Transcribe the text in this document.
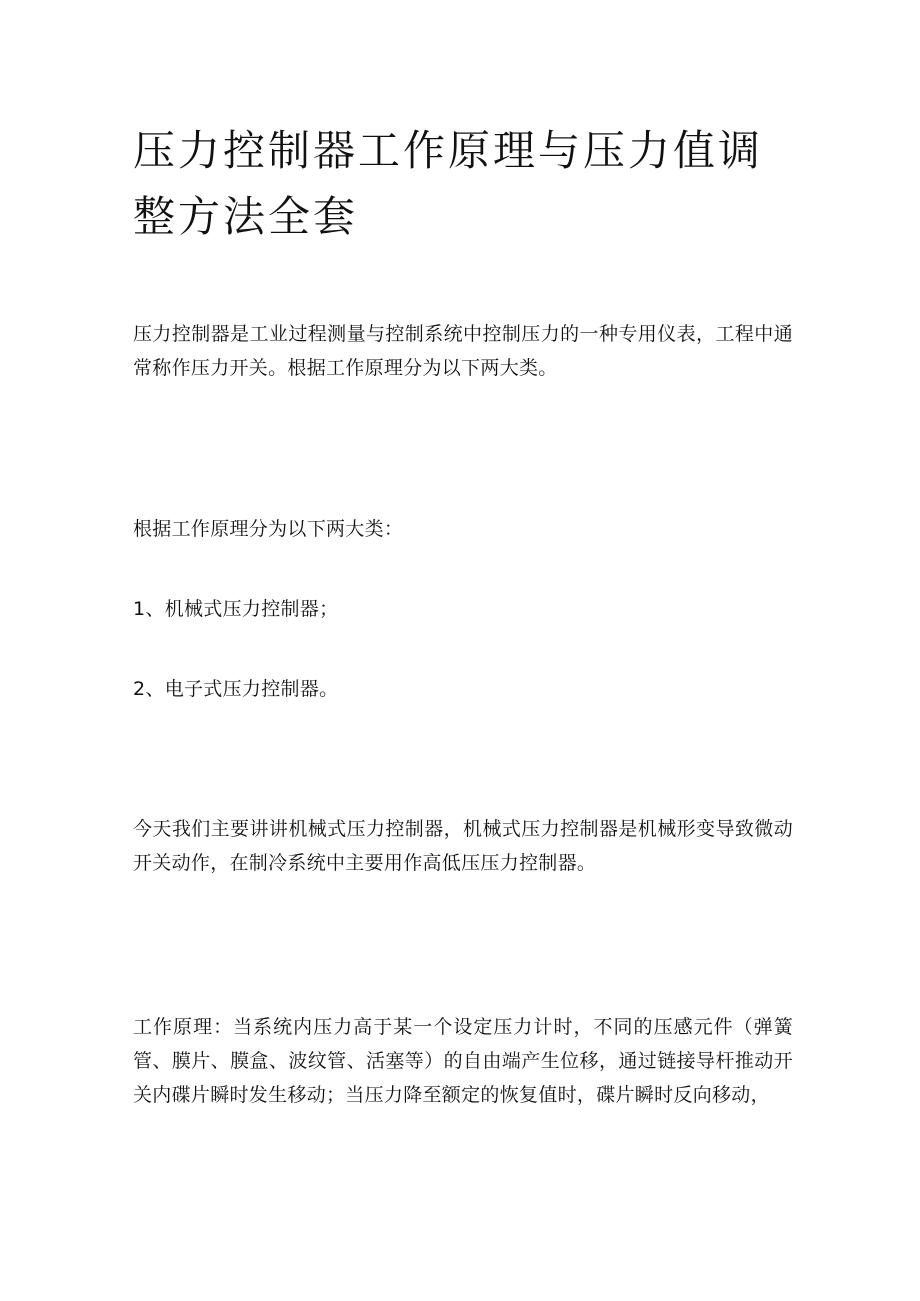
压力控制器工作原理与压力值调整方法全套

压力控制器是工业过程测量与控制系统中控制压力的一种专用仪表，工程中通常称作压力开关。根据工作原理分为以下两大类。

根据工作原理分为以下两大类：

1、机械式压力控制器；

2、电子式压力控制器。

今天我们主要讲讲机械式压力控制器，机械式压力控制器是机械形变导致微动开关动作，在制冷系统中主要用作高低压压力控制器。

工作原理：当系统内压力高于某一个设定压力计时，不同的压感元件（弹簧管、膜片、膜盒、波纹管、活塞等）的自由端产生位移，通过链接导杆推动开关内碟片瞬时发生移动；当压力降至额定的恢复值时，碟片瞬时反向移动，
